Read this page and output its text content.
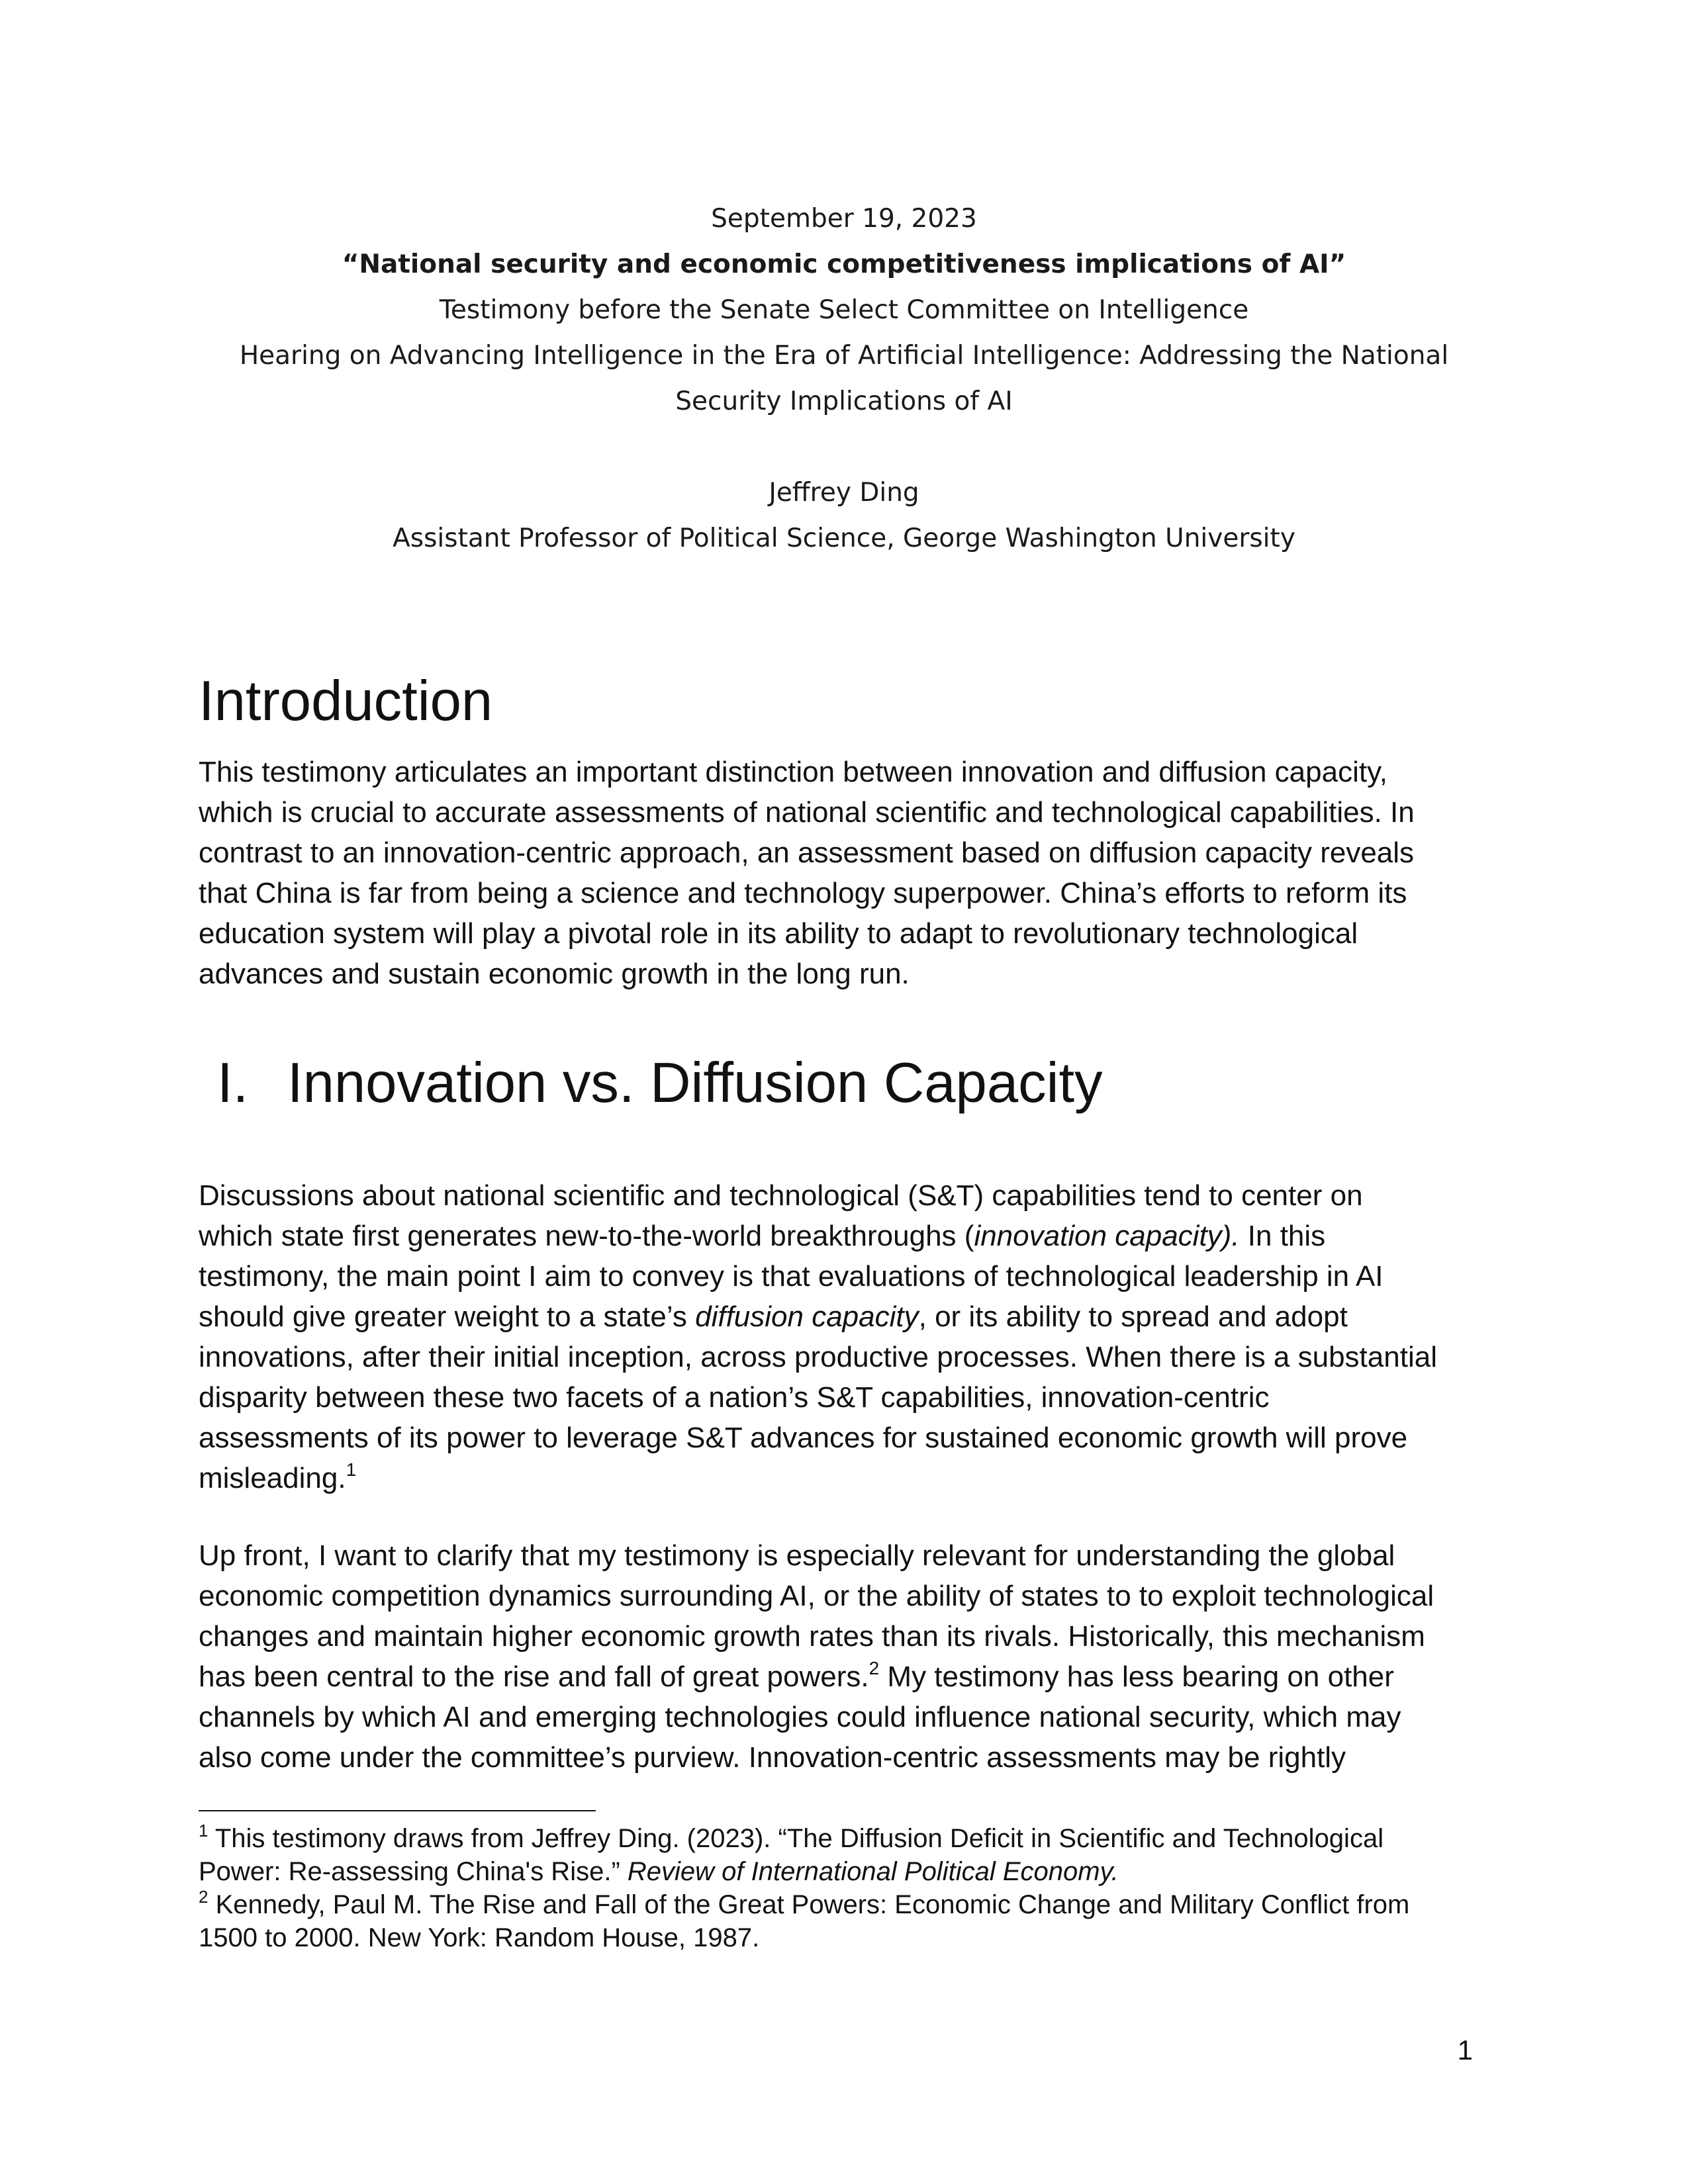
September 19, 2023
“National security and economic competitiveness implications of AI”
Testimony before the Senate Select Committee on Intelligence
Hearing on Advancing Intelligence in the Era of Artificial Intelligence: Addressing the National
Security Implications of AI
Jeffrey Ding
Assistant Professor of Political Science, George Washington University
Introduction
This testimony articulates an important distinction between innovation and diffusion capacity,
which is crucial to accurate assessments of national scientific and technological capabilities. In
contrast to an innovation-centric approach, an assessment based on diffusion capacity reveals
that China is far from being a science and technology superpower. China’s efforts to reform its
education system will play a pivotal role in its ability to adapt to revolutionary technological
advances and sustain economic growth in the long run.
I. Innovation vs. Diffusion Capacity
Discussions about national scientific and technological (S&T) capabilities tend to center on
which state first generates new-to-the-world breakthroughs (innovation capacity). In this
testimony, the main point I aim to convey is that evaluations of technological leadership in AI
should give greater weight to a state’s diffusion capacity, or its ability to spread and adopt
innovations, after their initial inception, across productive processes. When there is a substantial
disparity between these two facets of a nation’s S&T capabilities, innovation-centric
assessments of its power to leverage S&T advances for sustained economic growth will prove
misleading.$^1$
Up front, I want to clarify that my testimony is especially relevant for understanding the global
economic competition dynamics surrounding AI, or the ability of states to to exploit technological
changes and maintain higher economic growth rates than its rivals. Historically, this mechanism
has been central to the rise and fall of great powers.$^2$ My testimony has less bearing on other
channels by which AI and emerging technologies could influence national security, which may
also come under the committee’s purview. Innovation-centric assessments may be rightly
$^1$ This testimony draws from Jeffrey Ding. (2023). “The Diffusion Deficit in Scientific and Technological
Power: Re-assessing China's Rise.” Review of International Political Economy.
$^2$ Kennedy, Paul M. The Rise and Fall of the Great Powers: Economic Change and Military Conflict from
1500 to 2000. New York: Random House, 1987.
1
